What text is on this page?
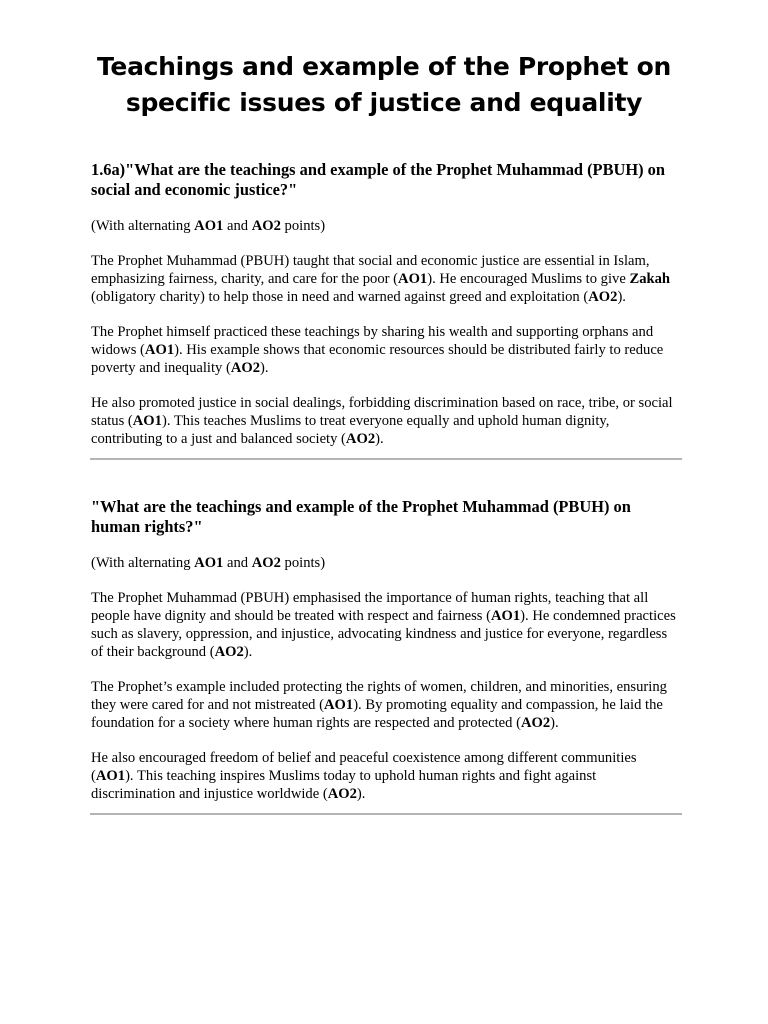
Teachings and example of the Prophet on
specific issues of justice and equality
1.6a)"What are the teachings and example of the Prophet Muhammad (PBUH) on social and economic justice?"

(With alternating AO1 and AO2 points)

The Prophet Muhammad (PBUH) taught that social and economic justice are essential in Islam, emphasizing fairness, charity, and care for the poor (AO1). He encouraged Muslims to give Zakah (obligatory charity) to help those in need and warned against greed and exploitation (AO2).

The Prophet himself practiced these teachings by sharing his wealth and supporting orphans and widows (AO1). His example shows that economic resources should be distributed fairly to reduce poverty and inequality (AO2).

He also promoted justice in social dealings, forbidding discrimination based on race, tribe, or social status (AO1). This teaches Muslims to treat everyone equally and uphold human dignity, contributing to a just and balanced society (AO2).

"What are the teachings and example of the Prophet Muhammad (PBUH) on human rights?"

(With alternating AO1 and AO2 points)

The Prophet Muhammad (PBUH) emphasised the importance of human rights, teaching that all people have dignity and should be treated with respect and fairness (AO1). He condemned practices such as slavery, oppression, and injustice, advocating kindness and justice for everyone, regardless of their background (AO2).

The Prophet’s example included protecting the rights of women, children, and minorities, ensuring they were cared for and not mistreated (AO1). By promoting equality and compassion, he laid the foundation for a society where human rights are respected and protected (AO2).

He also encouraged freedom of belief and peaceful coexistence among different communities (AO1). This teaching inspires Muslims today to uphold human rights and fight against discrimination and injustice worldwide (AO2).
